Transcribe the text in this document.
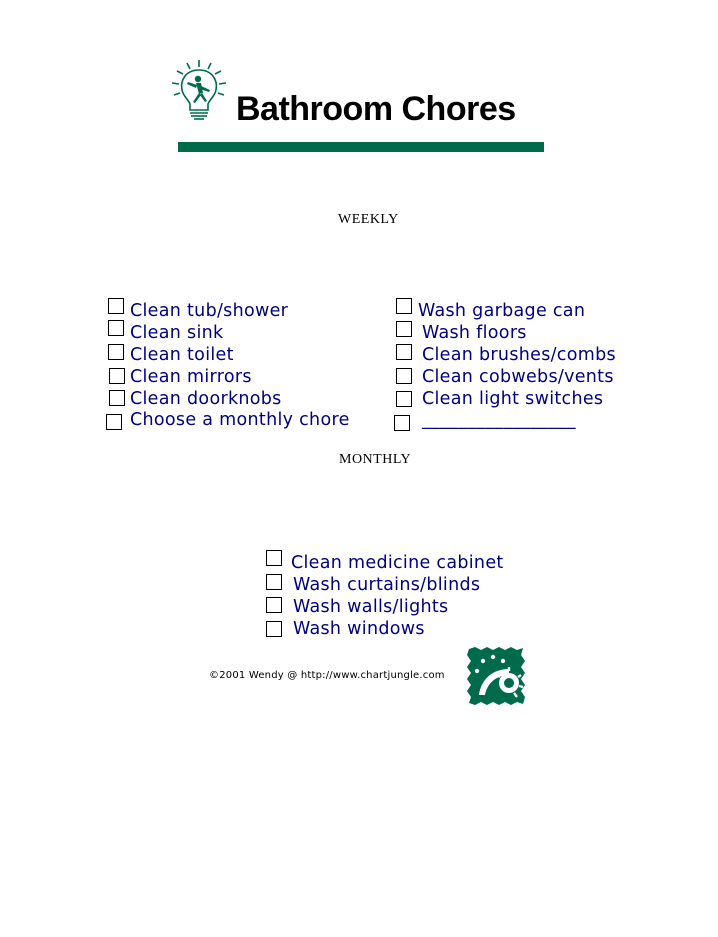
Bathroom Chores
WEEKLY
Clean tub/shower
Clean sink
Clean toilet
Clean mirrors
Clean doorknobs
Choose a monthly chore
Wash garbage can
Wash floors
Clean brushes/combs
Clean cobwebs/vents
Clean light switches
_________________
MONTHLY
Clean medicine cabinet
Wash curtains/blinds
Wash walls/lights
Wash windows
©2001 Wendy @ http://www.chartjungle.com
